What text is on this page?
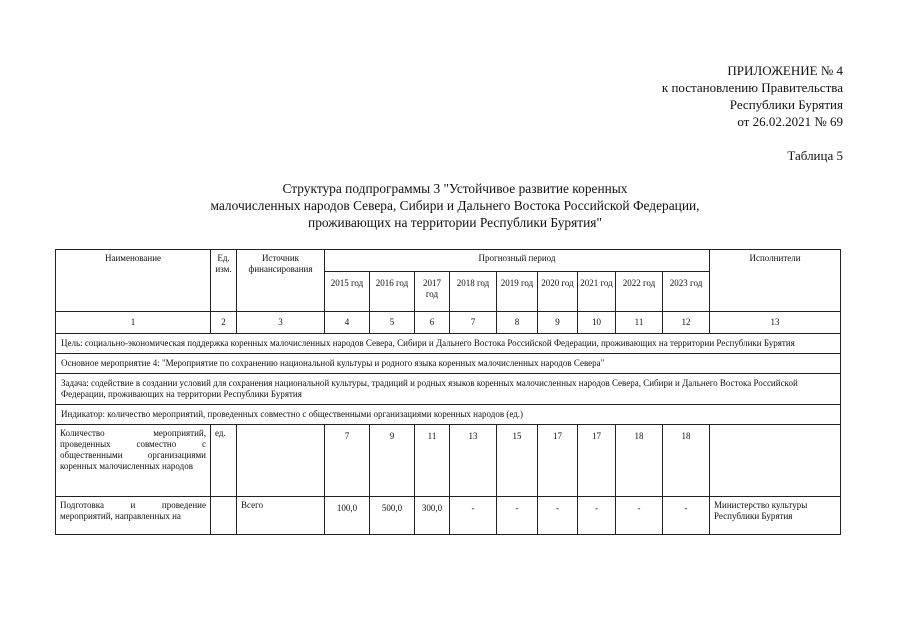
ПРИЛОЖЕНИЕ № 4
к постановлению Правительства
Республики Бурятия
от 26.02.2021 № 69
Таблица 5
Структура подпрограммы 3 "Устойчивое развитие коренных
малочисленных народов Севера, Сибири и Дальнего Востока Российской Федерации,
проживающих на территории Республики Бурятия"
Наименование	Ед. изм.	Источник финансирования	Прогнозный период									Исполнители
			2015 год	2016 год	2017 год	2018 год	2019 год	2020 год	2021 год	2022 год	2023 год	
1	2	3	4	5	6	7	8	9	10	11	12	13
Цель: социально-экономическая поддержка коренных малочисленных народов Севера, Сибири и Дальнего Востока Российской Федерации, проживающих на территории Республики Бурятия												
Основное мероприятие 4: "Мероприятие по сохранению национальной культуры и родного языка коренных малочисленных народов Севера"												
Задача: содействие в создании условий для сохранения национальной культуры, традиций и родных языков коренных малочисленных народов Севера, Сибири и Дальнего Востока Российской Федерации, проживающих на территории Республики Бурятия												
Индикатор: количество мероприятий, проведенных совместно с общественными организациями коренных народов (ед.)												
Количество мероприятий, проведенных совместно с общественными организациями коренных малочисленных народов	ед.		7	9	11	13	15	17	17	18	18	
Подготовка и проведение мероприятий, направленных на		Всего	100,0	500,0	300,0	-	-	-	-	-	-	Министерство культуры Республики Бурятия
